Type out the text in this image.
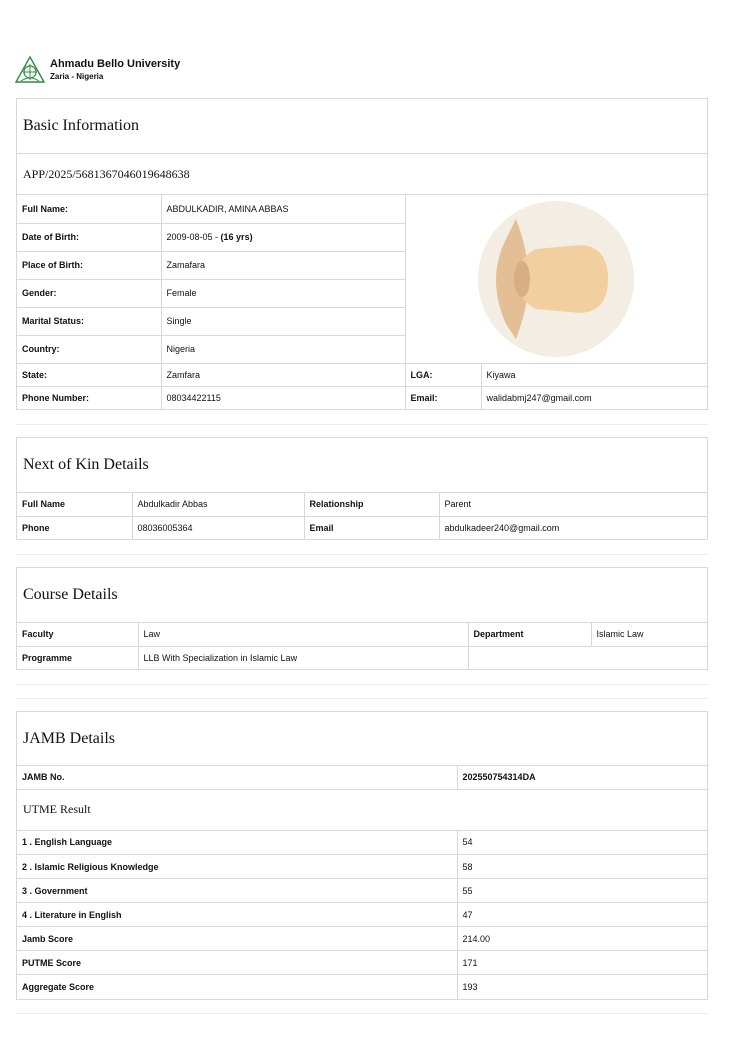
Ahmadu Bello University
Zaria - Nigeria
Basic Information
APP/2025/5681367046019648638
Full Name:	ABDULKADIR, AMINA ABBAS	

Date of Birth:	2009-08-05 - (16 yrs)		
Place of Birth:	Zamafara		
Gender:	Female		
Marital Status:	Single		
Country:	Nigeria		
State:	Zamfara	LGA:	Kiyawa
Phone Number:	08034422115	Email:	walidabmj247@gmail.com
Next of Kin Details
Full Name	Abdulkadir Abbas	Relationship	Parent
Phone	08036005364	Email	abdulkadeer240@gmail.com
Course Details
Faculty	Law	Department	Islamic Law
Programme	LLB With Specialization in Islamic Law		
JAMB Details
JAMB No.	202550754314DA
UTME Result
1 . English Language	54
2 . Islamic Religious Knowledge	58
3 . Government	55
4 . Literature in English	47
Jamb Score	214.00
PUTME Score	171
Aggregate Score	193
